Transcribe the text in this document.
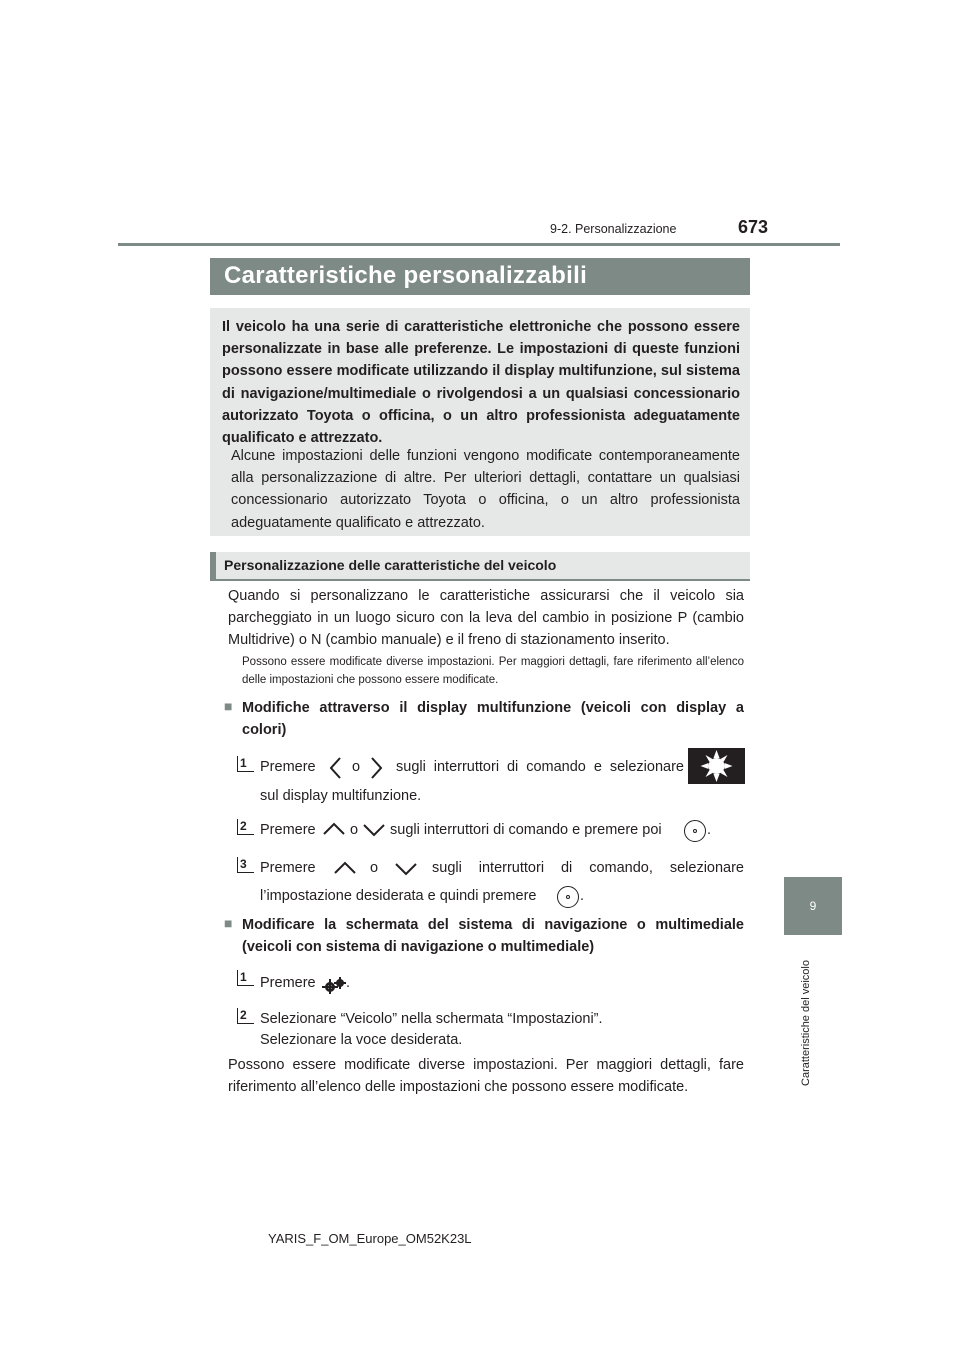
9-2. Personalizzazione	673
9
Caratteristiche del veicolo
Caratteristiche personalizzabili
Il veicolo ha una serie di caratteristiche elettroniche che possono essere personalizzate in base alle preferenze. Le impostazioni di queste funzioni possono essere modificate utilizzando il display multifunzione, sul sistema di navigazione/multimediale o rivolgendosi a un qualsiasi concessionario autorizzato Toyota o officina, o un altro professionista adeguatamente qualificato e attrezzato.
Alcune impostazioni delle funzioni vengono modificate contemporaneamente alla personalizzazione di altre. Per ulteriori dettagli, contattare un qualsiasi concessionario autorizzato Toyota o officina, o un altro professionista adeguatamente qualificato e attrezzato.
Personalizzazione delle caratteristiche del veicolo
Quando si personalizzano le caratteristiche assicurarsi che il veicolo sia parcheggiato in un luogo sicuro con la leva del cambio in posizione P (cambio Multidrive) o N (cambio manuale) e il freno di stazionamento inserito.
Possono essere modificate diverse impostazioni. Per maggiori dettagli, fare riferimento all’elenco delle impostazioni che possono essere modificate.
■ Modifiche attraverso il display multifunzione (veicoli con display a colori)
1 Premere	o sugli interruttori di comando e selezionare
sul display multifunzione.
2 Premere o sugli interruttori di comando e premere poi	.
3 Premere	o	sugli interruttori di comando, selezionare
l’impostazione desiderata e quindi premere	.
■ Modificare la schermata del sistema di navigazione o multimediale (veicoli con sistema di navigazione o multimediale)
1 Premere .
2 Selezionare “Veicolo” nella schermata “Impostazioni”.
Selezionare la voce desiderata.
Possono essere modificate diverse impostazioni. Per maggiori dettagli, fare riferimento all’elenco delle impostazioni che possono essere modificate.
YARIS_F_OM_Europe_OM52K23L
